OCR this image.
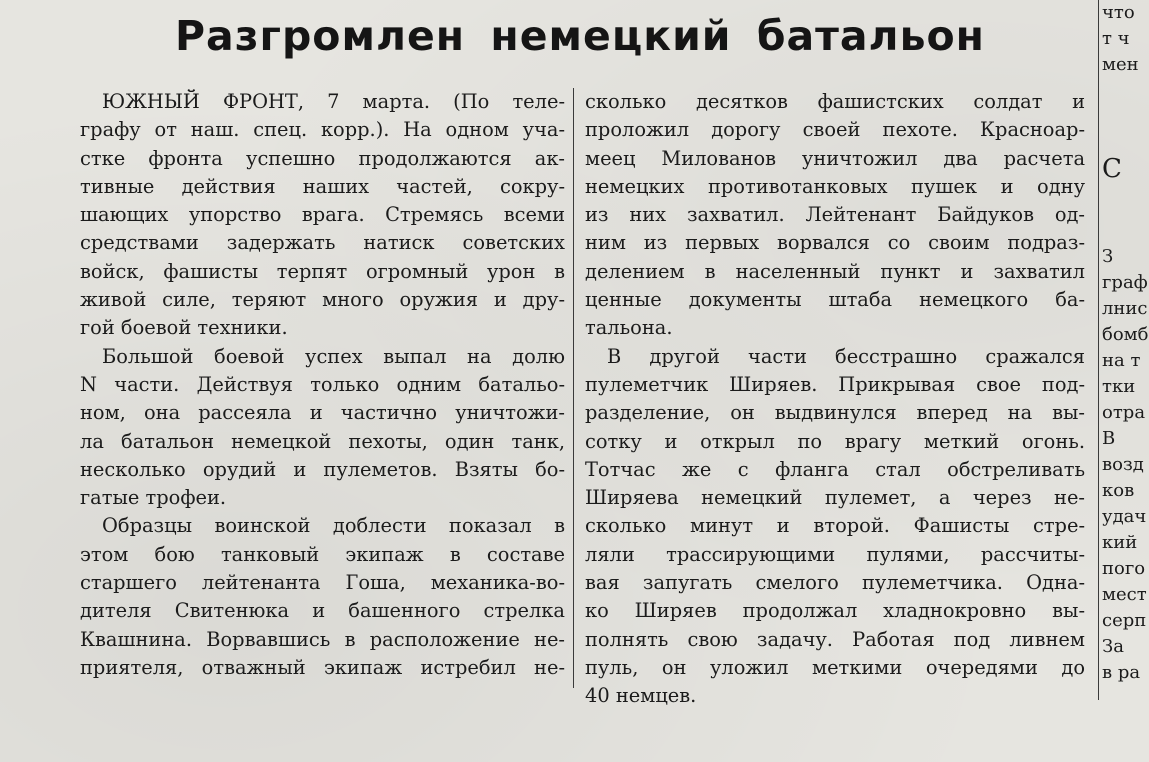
Разгромлен немецкий батальон
ЮЖНЫЙ ФРОНТ, 7 марта. (По теле-
графу от наш. спец. корр.). На одном уча-
стке фронта успешно продолжаются ак-
тивные действия наших частей, сокру-
шающих упорство врага. Стремясь всеми
средствами задержать натиск советских
войск, фашисты терпят огромный урон в
живой силе, теряют много оружия и дру-
гой боевой техники.
Большой боевой успех выпал на долю
N части. Действуя только одним батальо-
ном, она рассеяла и частично уничтожи-
ла батальон немецкой пехоты, один танк,
несколько орудий и пулеметов. Взяты бо-
гатые трофеи.
Образцы воинской доблести показал в
этом бою танковый экипаж в составе
старшего лейтенанта Гоша, механика-во-
дителя Свитенюка и башенного стрелка
Квашнина. Ворвавшись в расположение не-
приятеля, отважный экипаж истребил не-
сколько десятков фашистских солдат и
проложил дорогу своей пехоте. Красноар-
меец Милованов уничтожил два расчета
немецких противотанковых пушек и одну
из них захватил. Лейтенант Байдуков од-
ним из первых ворвался со своим подраз-
делением в населенный пункт и захватил
ценные документы штаба немецкого ба-
тальона.
В другой части бесстрашно сражался
пулеметчик Ширяев. Прикрывая свое под-
разделение, он выдвинулся вперед на вы-
сотку и открыл по врагу меткий огонь.
Тотчас же с фланга стал обстреливать
Ширяева немецкий пулемет, а через не-
сколько минут и второй. Фашисты стре-
ляли трассирующими пулями, рассчиты-
вая запугать смелого пулеметчика. Одна-
ко Ширяев продолжал хладнокровно вы-
полнять свою задачу. Работая под ливнем
пуль, он уложил меткими очередями до
40 немцев.
что
т ч
мен
С
З
граф
лнис
бомб
на т
тки
отра
В
возд
ков
удач
кий
пого
мест
серп
За
в ра
